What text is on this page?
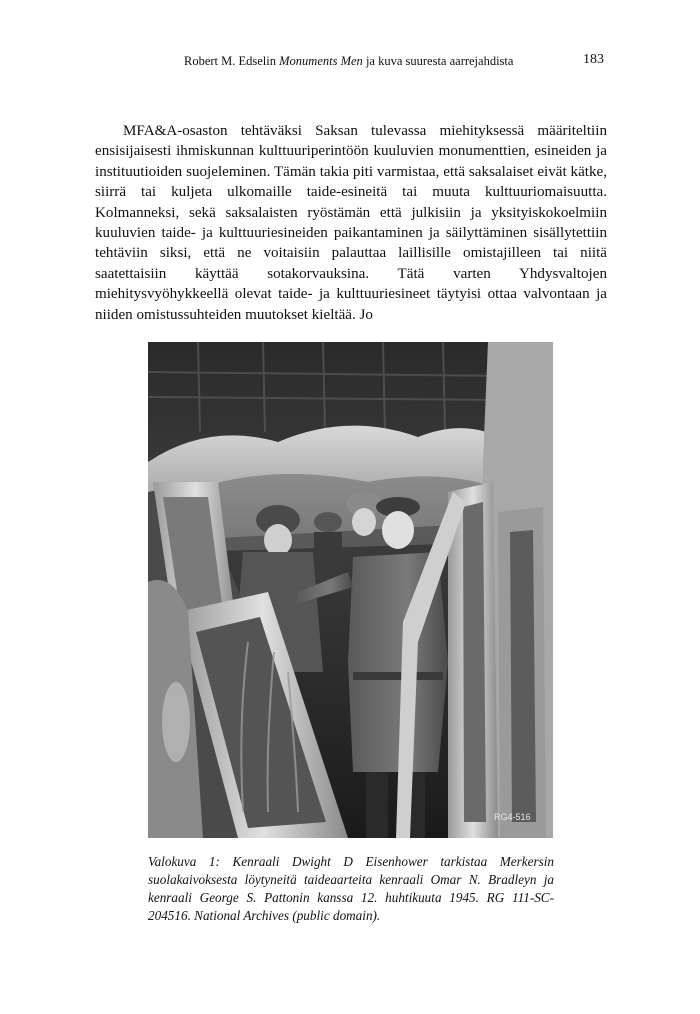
Robert M. Edselin Monuments Men ja kuva suuresta aarrejahdista	183

MFA&A-osaston tehtäväksi Saksan tulevassa miehityksessä määriteltiin ensisijaisesti ihmiskunnan kulttuuriperintöön kuuluvien monumenttien, esineiden ja instituutioiden suojeleminen. Tämän takia piti varmistaa, että saksalaiset eivät kätke, siirrä tai kuljeta ulkomaille taide-esineitä tai muuta kulttuuriomaisuutta. Kolmanneksi, sekä saksalaisten ryöstämän että julkisiin ja yksityiskokoelmiin kuuluvien taide- ja kulttuuriesineiden paikantaminen ja säilyttäminen sisällytettiin tehtäviin siksi, että ne voitaisiin palauttaa laillisille omistajilleen tai niitä saatettaisiin käyttää sotakorvauksina. Tätä varten Yhdysvaltojen miehitysvyöhykkeellä olevat taide- ja kulttuuriesineet täytyisi ottaa valvontaan ja niiden omistussuhteiden muutokset kieltää. Jo

RG4-516
Valokuva 1: Kenraali Dwight D Eisenhower tarkistaa Merkersin suolakaivoksesta löytyneitä taideaarteita kenraali Omar N. Bradleyn ja kenraali George S. Pattonin kanssa 12. huhtikuuta 1945. RG 111-SC-204516. National Archives (public domain).
